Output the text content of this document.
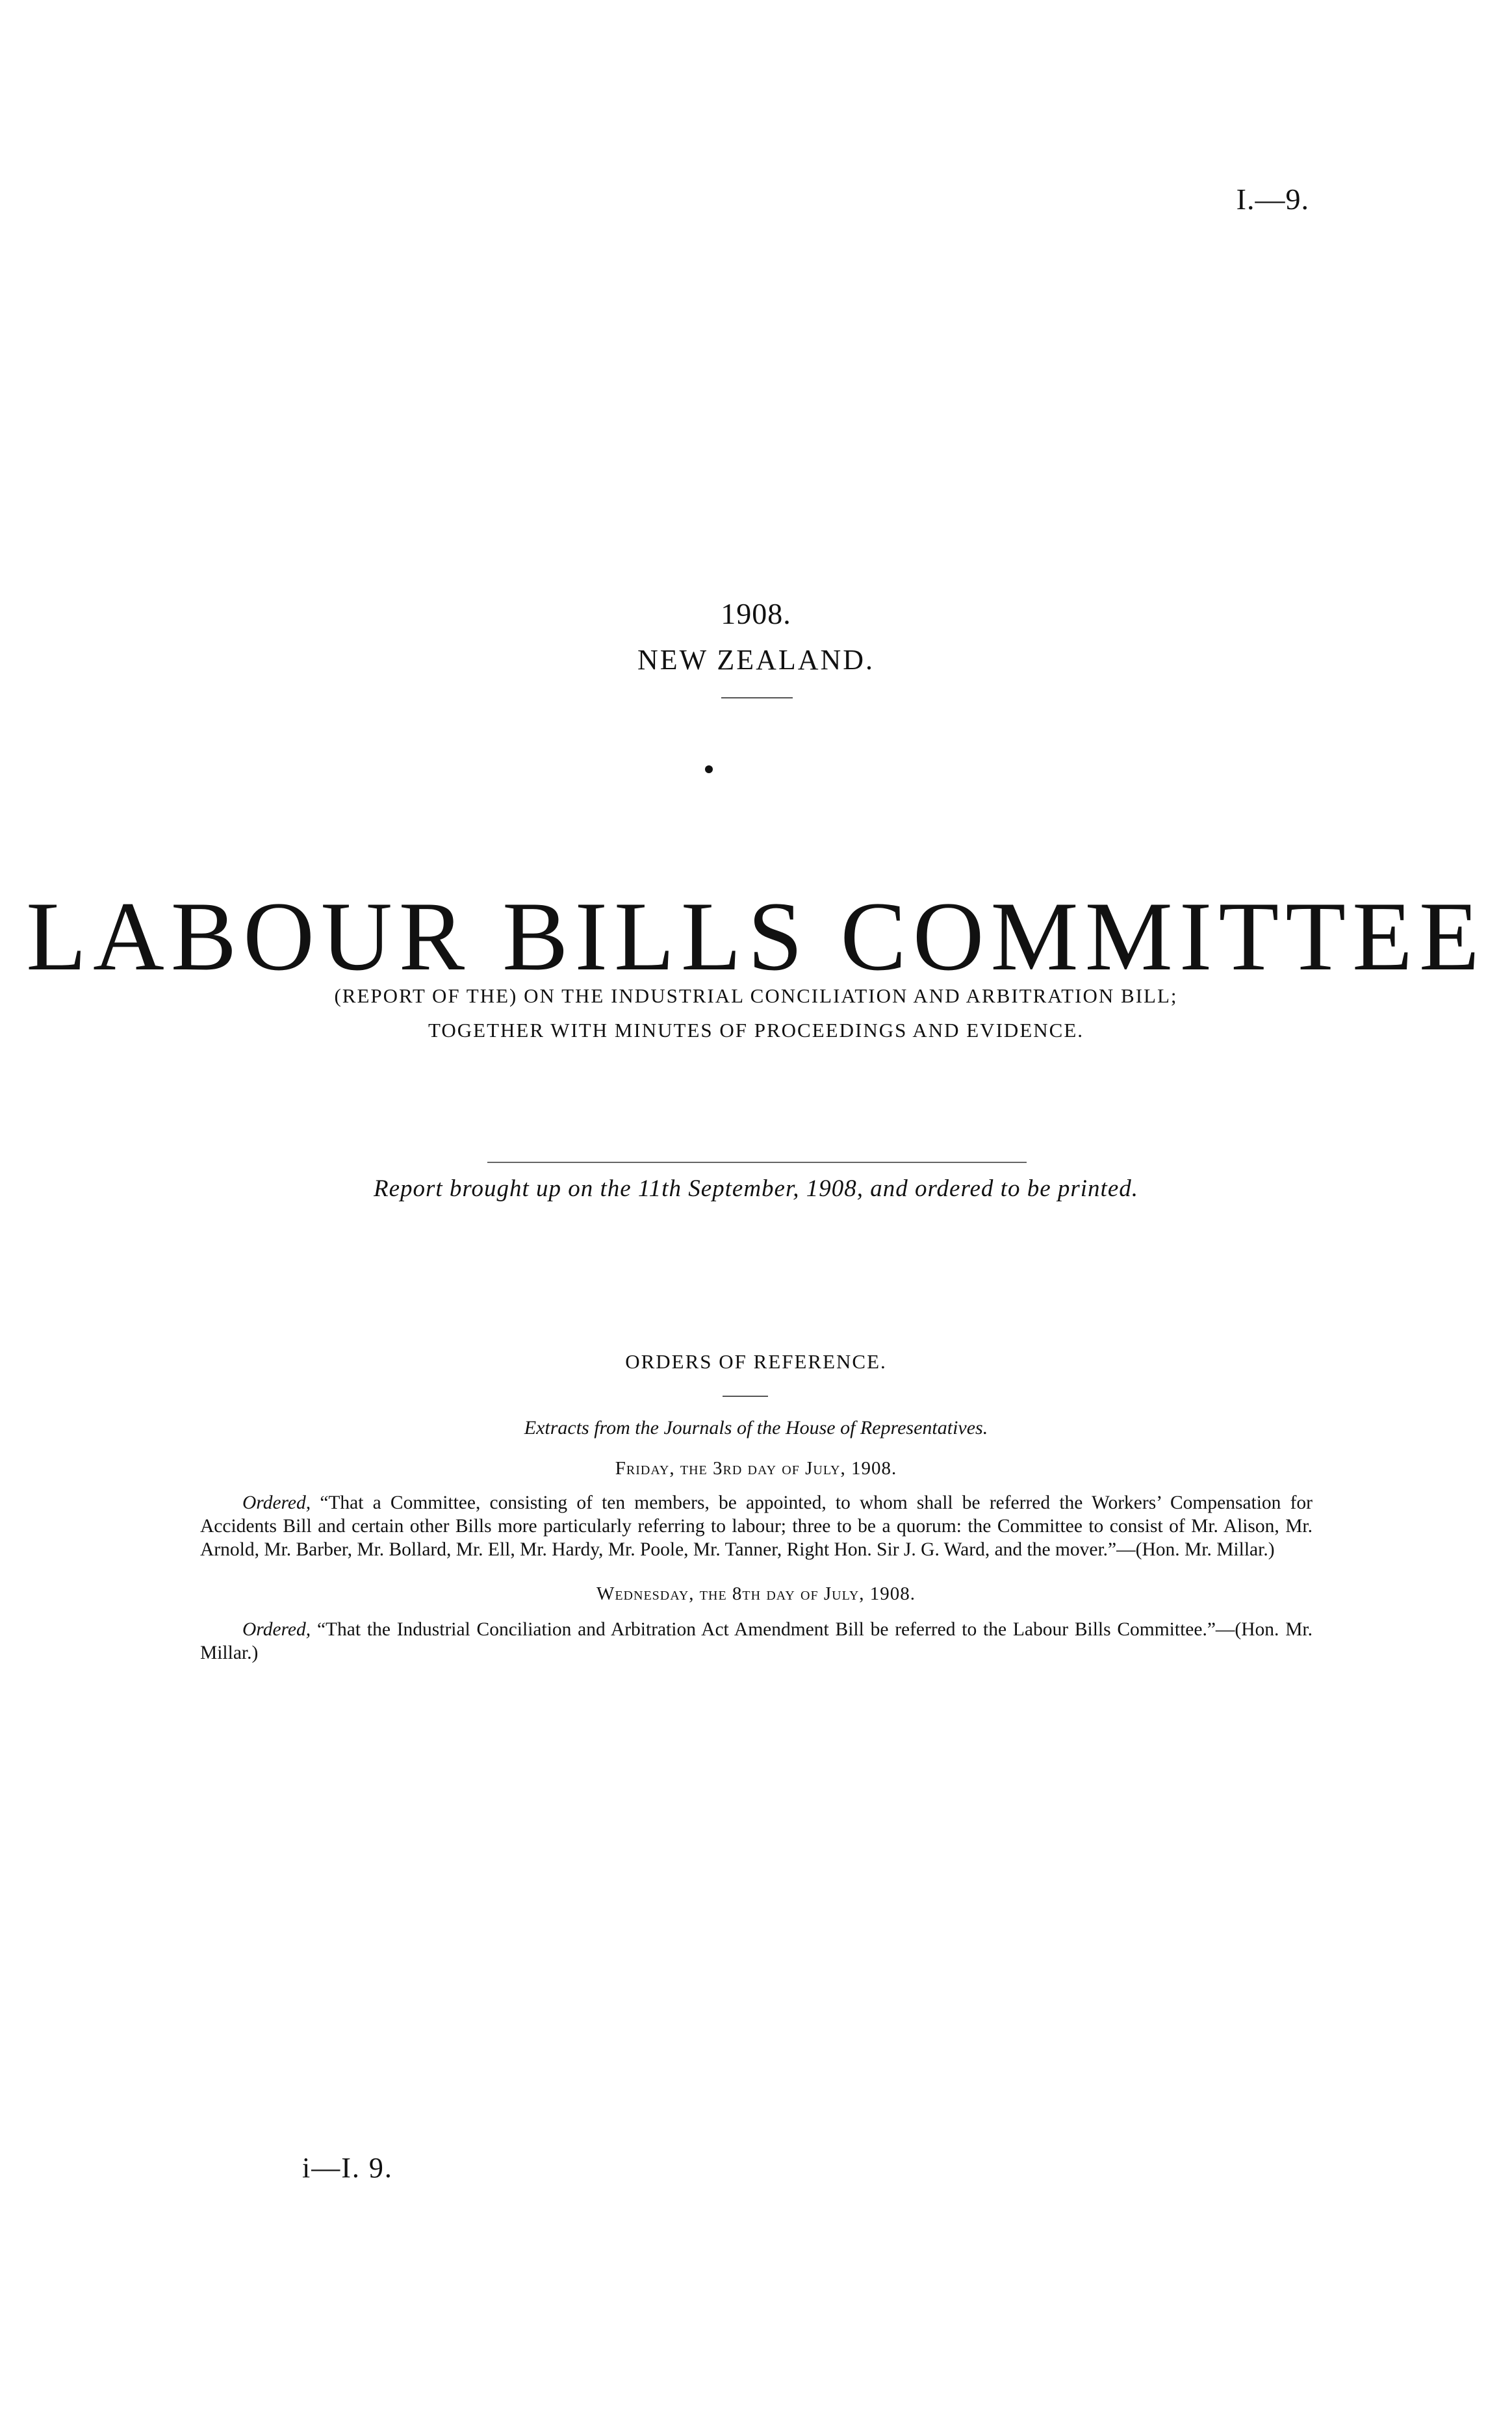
I.—9.
1908.
NEW ZEALAND.
LABOUR BILLS COMMITTEE
(REPORT OF THE) ON THE INDUSTRIAL CONCILIATION AND ARBITRATION BILL;
TOGETHER WITH MINUTES OF PROCEEDINGS AND EVIDENCE.
Report brought up on the 11th September, 1908, and ordered to be printed.
ORDERS OF REFERENCE.
Extracts from the Journals of the House of Representatives.
Friday, the 3rd day of July, 1908.
Ordered, “That a Committee, consisting of ten members, be appointed, to whom shall be referred the Workers’ Compensation for Accidents Bill and certain other Bills more particularly referring to labour; three to be a quorum: the Committee to consist of Mr. Alison, Mr. Arnold, Mr. Barber, Mr. Bollard, Mr. Ell, Mr. Hardy, Mr. Poole, Mr. Tanner, Right Hon. Sir J. G. Ward, and the mover.”—(Hon. Mr. Millar.)
Wednesday, the 8th day of July, 1908.
Ordered, “That the Industrial Conciliation and Arbitration Act Amendment Bill be referred to the Labour Bills Committee.”—(Hon. Mr. Millar.)
i—I. 9.
